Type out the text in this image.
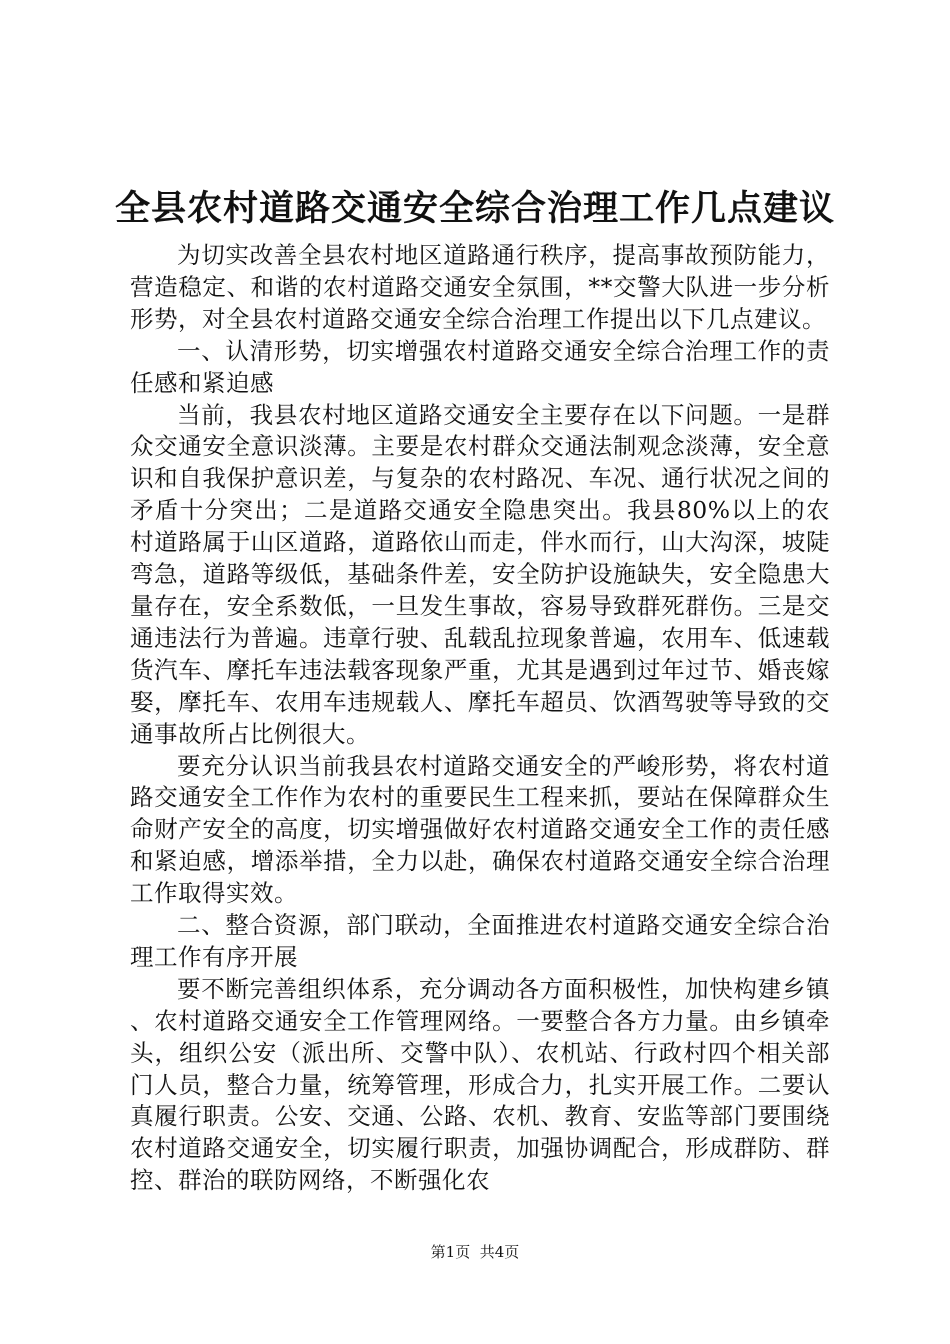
全县农村道路交通安全综合治理工作几点建议

为切实改善全县农村地区道路通行秩序，提高事故预防能力，营造稳定、和谐的农村道路交通安全氛围，**交警大队进一步分析形势，对全县农村道路交通安全综合治理工作提出以下几点建议。

一、认清形势，切实增强农村道路交通安全综合治理工作的责任感和紧迫感

当前，我县农村地区道路交通安全主要存在以下问题。一是群众交通安全意识淡薄。主要是农村群众交通法制观念淡薄，安全意识和自我保护意识差，与复杂的农村路况、车况、通行状况之间的矛盾十分突出；二是道路交通安全隐患突出。我县80%以上的农村道路属于山区道路，道路依山而走，伴水而行，山大沟深，坡陡弯急，道路等级低，基础条件差，安全防护设施缺失，安全隐患大量存在，安全系数低，一旦发生事故，容易导致群死群伤。三是交通违法行为普遍。违章行驶、乱载乱拉现象普遍，农用车、低速载货汽车、摩托车违法载客现象严重，尤其是遇到过年过节、婚丧嫁娶，摩托车、农用车违规载人、摩托车超员、饮酒驾驶等导致的交通事故所占比例很大。

要充分认识当前我县农村道路交通安全的严峻形势，将农村道路交通安全工作作为农村的重要民生工程来抓，要站在保障群众生命财产安全的高度，切实增强做好农村道路交通安全工作的责任感和紧迫感，增添举措，全力以赴，确保农村道路交通安全综合治理工作取得实效。

二、整合资源，部门联动，全面推进农村道路交通安全综合治理工作有序开展

要不断完善组织体系，充分调动各方面积极性，加快构建乡镇、农村道路交通安全工作管理网络。一要整合各方力量。由乡镇牵头，组织公安（派出所、交警中队）、农机站、行政村四个相关部门人员，整合力量，统筹管理，形成合力，扎实开展工作。二要认真履行职责。公安、交通、公路、农机、教育、安监等部门要围绕农村道路交通安全，切实履行职责，加强协调配合，形成群防、群控、群治的联防网络，不断强化农

第1页 共4页
